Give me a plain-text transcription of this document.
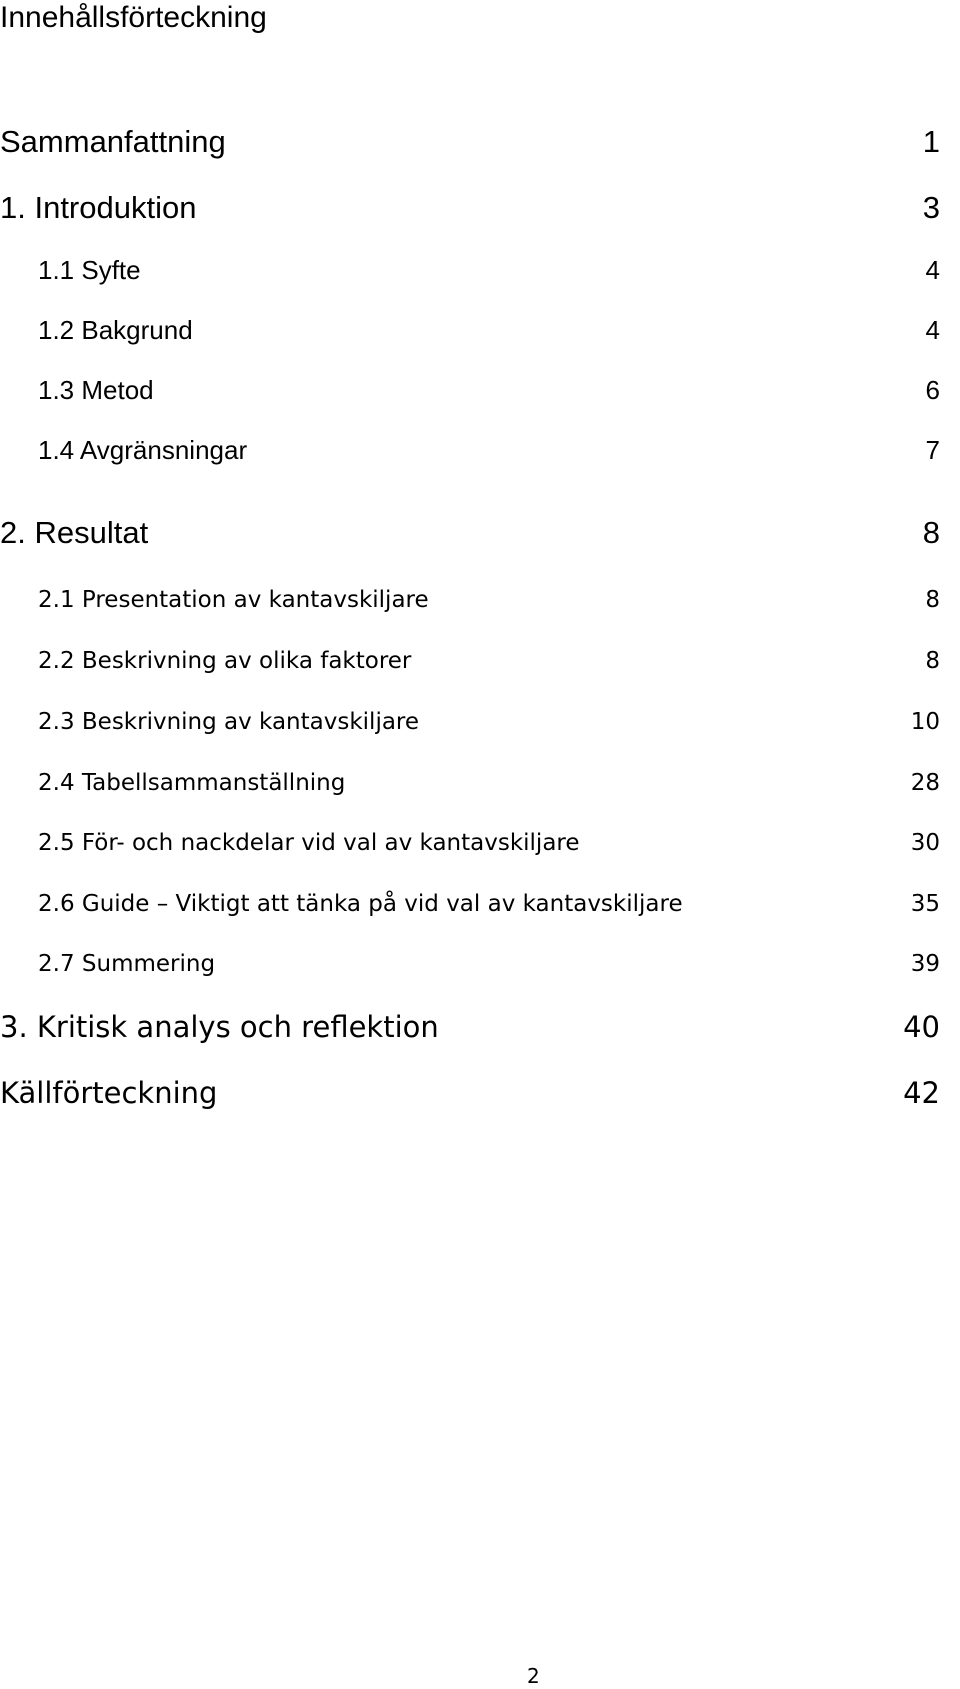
Innehållsförteckning
Sammanfattning	1
1. Introduktion	3
1.1 Syfte	4
1.2 Bakgrund	4
1.3 Metod	6
1.4 Avgränsningar	7
2. Resultat	8
2.1 Presentation av kantavskiljare	8
2.2 Beskrivning av olika faktorer	8
2.3 Beskrivning av kantavskiljare	10
2.4 Tabellsammanställning	28
2.5 För- och nackdelar vid val av kantavskiljare	30
2.6 Guide – Viktigt att tänka på vid val av kantavskiljare	35
2.7 Summering	39
3. Kritisk analys och reflektion	40
Källförteckning	42
2
